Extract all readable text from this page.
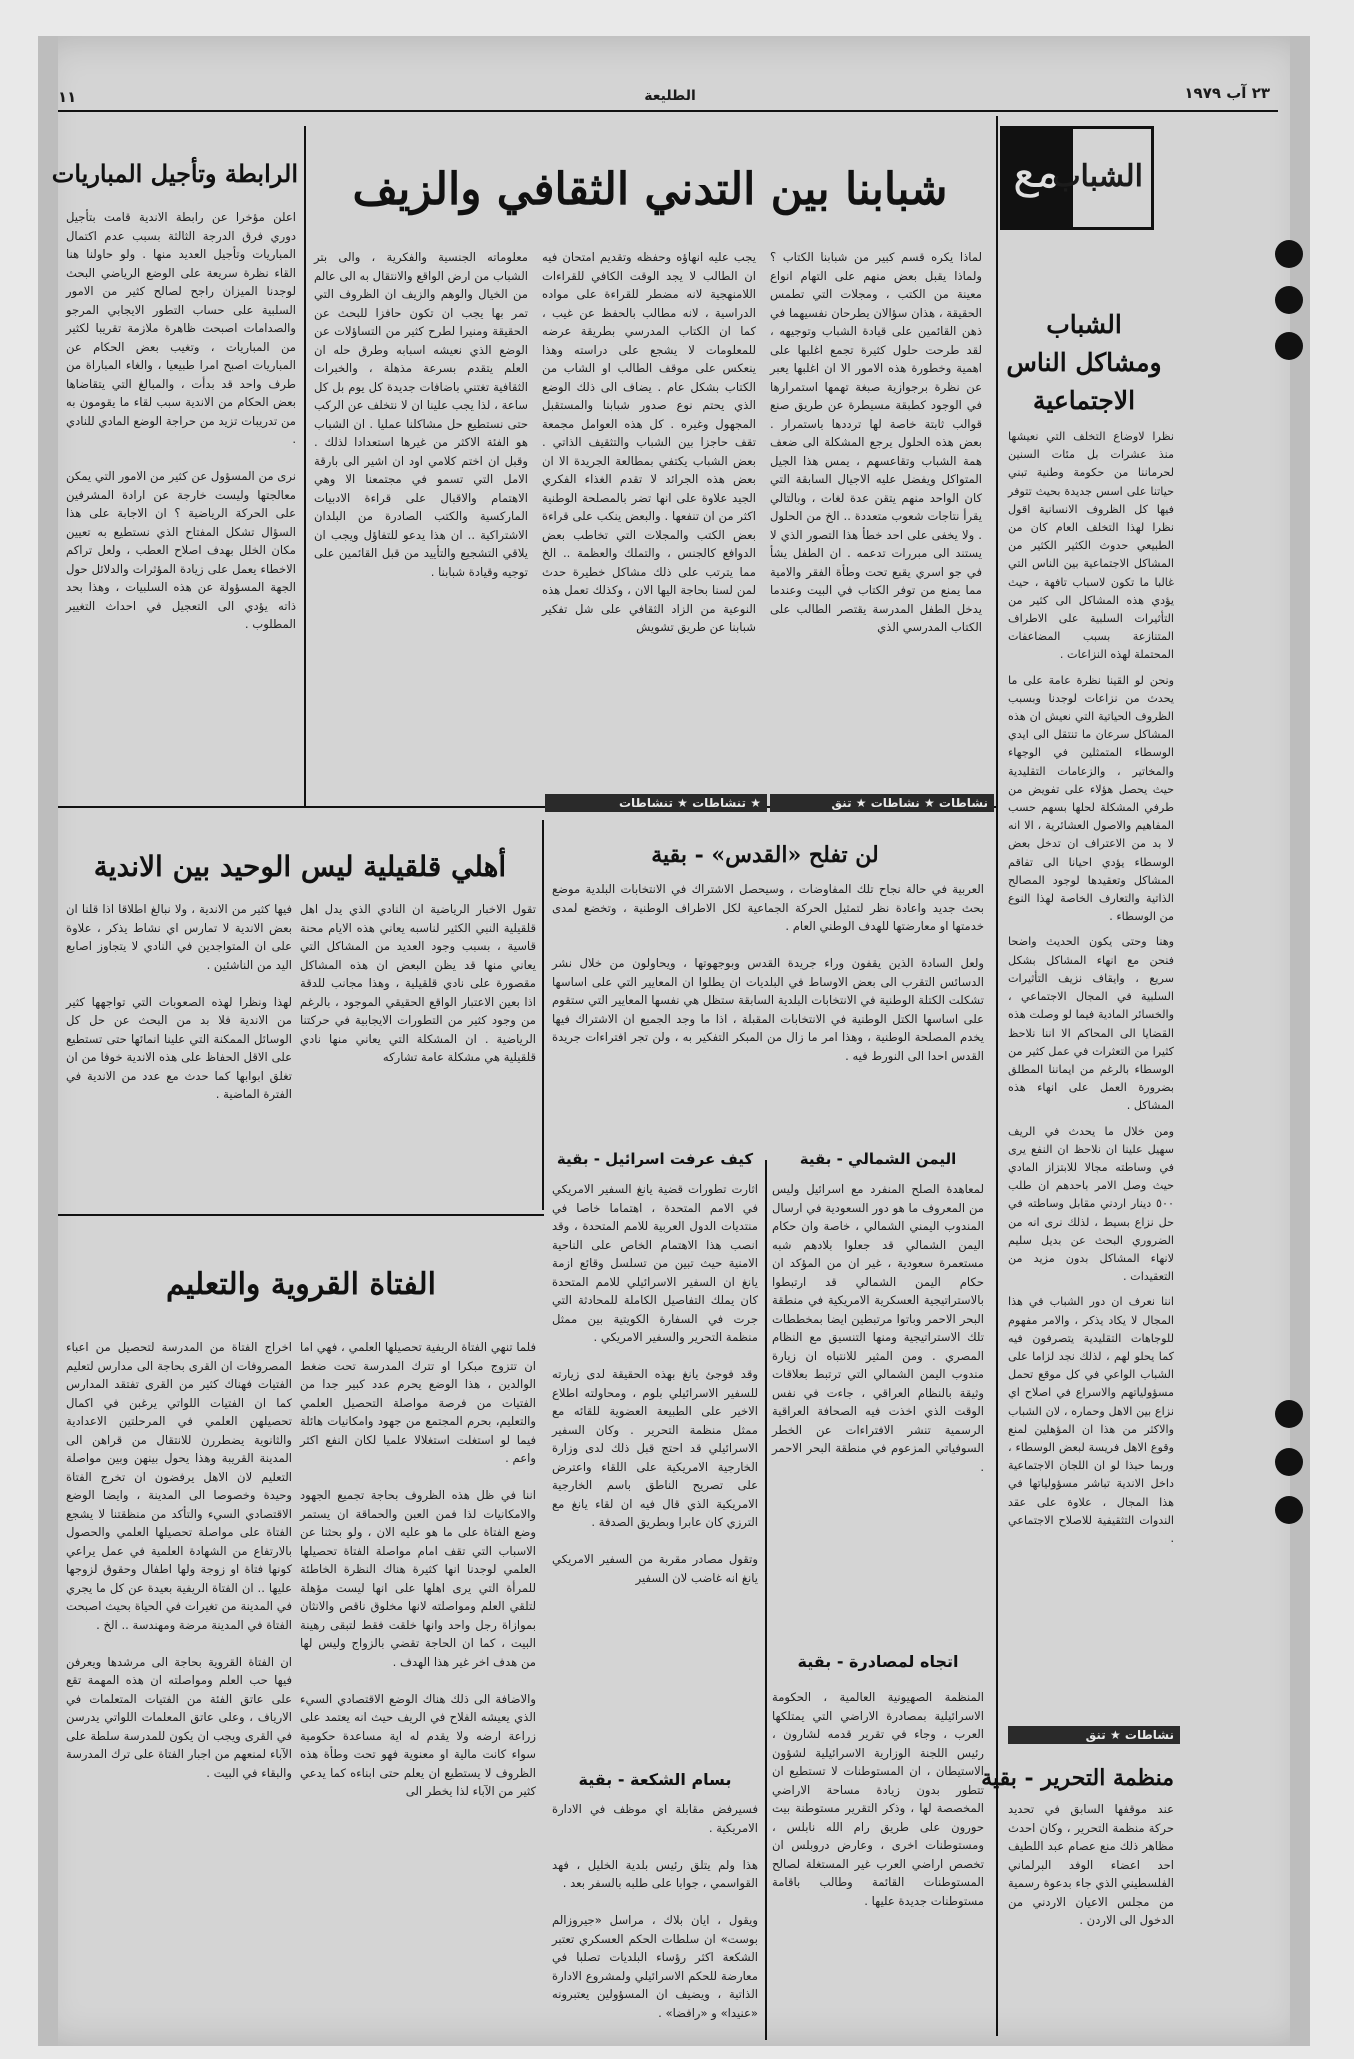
٢٣ آب ١٩٧٩
الطليعة
١١
مع
الشباب
الشباب ومشاكل الناس الاجتماعية

نظرا لاوضاع التخلف التي نعيشها منذ عشرات بل مئات السنين لحرماننا من حكومة وطنية تبني حياتنا على اسس جديدة بحيث تتوفر فيها كل الظروف الانسانية اقول نظرا لهذا التخلف العام كان من الطبيعي حدوث الكثير الكثير من المشاكل الاجتماعية بين الناس التي غالبا ما تكون لاسباب تافهة ، حيث يؤدي هذه المشاكل الى كثير من التأثيرات السلبية على الاطراف المتنازعة بسبب المضاعفات المحتملة لهذه النزاعات .

ونحن لو القينا نظرة عامة على ما يحدث من نزاعات لوجدنا وبسبب الظروف الحياتية التي نعيش ان هذه المشاكل سرعان ما تنتقل الى ايدي الوسطاء المتمثلين في الوجهاء والمخاتير ، والزعامات التقليدية حيث يحصل هؤلاء على تفويض من طرفي المشكلة لحلها بسهم حسب المفاهيم والاصول العشائرية ، الا انه لا بد من الاعتراف ان تدخل بعض الوسطاء يؤدي احيانا الى تفاقم المشاكل وتعقيدها لوجود المصالح الذاتية والتعارف الخاصة لهذا النوع من الوسطاء .

وهنا وحتى يكون الحديث واضحا فنحن مع انهاء المشاكل بشكل سريع ، وايقاف نزيف التأثيرات السلبية في المجال الاجتماعي ، والخسائر المادية فيما لو وصلت هذه القضايا الى المحاكم الا اننا نلاحظ كثيرا من التعثرات في عمل كثير من الوسطاء بالرغم من ايماننا المطلق بضرورة العمل على انهاء هذه المشاكل .

ومن خلال ما يحدث في الريف سهيل علينا ان نلاحظ ان النفع يرى في وساطته مجالا للابتزاز المادي حيث وصل الامر باحدهم ان طلب ٥٠٠ دينار اردني مقابل وساطته في حل نزاع بسيط ، لذلك نرى انه من الضروري البحث عن بديل سليم لانهاء المشاكل بدون مزيد من التعقيدات .

اننا نعرف ان دور الشباب في هذا المجال لا يكاد يذكر ، والامر مفهوم للوجاهات التقليدية يتصرفون فيه كما يحلو لهم ، لذلك نجد لزاما على الشباب الواعي في كل موقع تحمل مسؤولياتهم والاسراع في اصلاح اي نزاع بين الاهل وحماره ، لان الشباب والاكثر من هذا ان المؤهلين لمنع وقوع الاهل فريسة لبعض الوسطاء ، وربما حبذا لو ان اللجان الاجتماعية داخل الاندية تباشر مسؤولياتها في هذا المجال ، علاوة على عقد الندوات التثقيفية للاصلاح الاجتماعي .

نشاطات ★ تنق
منظمة التحرير - بقية
عند موقفها السابق في تحديد حركة منظمة التحرير ، وكان احدث مظاهر ذلك منع عصام عبد اللطيف احد اعضاء الوفد البرلماني الفلسطيني الذي جاء بدعوة رسمية من مجلس الاعيان الاردني من الدخول الى الاردن .
شبابنا بين التدني الثقافي والزيف
لماذا يكره قسم كبير من شبابنا الكتاب ؟ ولماذا يقبل بعض منهم على التهام انواع معينة من الكتب ، ومجلات التي تطمس الحقيقة ، هذان سؤالان يطرحان نفسيهما في ذهن القائمين على قيادة الشباب وتوجيهه ، لقد طرحت حلول كثيرة تجمع اغلبها على اهمية وخطورة هذه الامور الا ان اغلبها يعبر عن نظرة برجوازية صبغة تهمها استمرارها في الوجود كطبقة مسيطرة عن طريق صنع قوالب ثابتة خاصة لها ترددها باستمرار . بعض هذه الحلول يرجع المشكلة الى ضعف همة الشباب وتقاعسهم ، يمس هذا الجيل المتواكل ويفضل عليه الاجيال السابقة التي كان الواحد منهم يتقن عدة لغات ، وبالتالي يقرأ نتاجات شعوب متعددة .. الخ من الحلول . ولا يخفى على احد خطأ هذا التصور الذي لا يستند الى مبررات تدعمه . ان الطفل يشأ في جو اسري يقبع تحت وطأة الفقر والامية مما يمنع من توفر الكتاب في البيت وعندما يدخل الطفل المدرسة يقتصر الطالب على الكتاب المدرسي الذي
يجب عليه انهاؤه وحفظه وتقديم امتحان فيه ان الطالب لا يجد الوقت الكافي للقراءات اللامنهجية لانه مضطر للقراءة على مواده الدراسية ، لانه مطالب بالحفظ عن غيب ، كما ان الكتاب المدرسي بطريقة عرضه للمعلومات لا يشجع على دراسته وهذا ينعكس على موقف الطالب او الشاب من الكتاب بشكل عام . يضاف الى ذلك الوضع الذي يحتم نوع صدور شبابنا والمستقبل المجهول وغيره . كل هذه العوامل مجمعة تقف حاجزا بين الشباب والتثقيف الذاتي . بعض الشباب يكتفي بمطالعة الجريدة الا ان بعض هذه الجرائد لا تقدم الغذاء الفكري الجيد علاوة على انها تضر بالمصلحة الوطنية اكثر من ان تنفعها . والبعض ينكب على قراءة بعض الكتب والمجلات التي تخاطب بعض الدوافع كالجنس ، والتملك والعظمة .. الخ مما يترتب على ذلك مشاكل خطيرة حدث لمن لسنا بحاجة اليها الان ، وكذلك تعمل هذه النوعية من الزاد الثقافي على شل تفكير شبابنا عن طريق تشويش
معلوماته الجنسية والفكرية ، والى بتر الشباب من ارض الواقع والانتقال به الى عالم من الخيال والوهم والزيف ان الظروف التي تمر بها يجب ان تكون حافزا للبحث عن الحقيقة ومنيرا لطرح كثير من التساؤلات عن الوضع الذي نعيشه اسبابه وطرق حله ان العلم يتقدم بسرعة مذهلة ، والخبرات الثقافية تغتني باضافات جديدة كل يوم بل كل ساعة ، لذا يجب علينا ان لا نتخلف عن الركب حتى نستطيع حل مشاكلنا عمليا . ان الشباب هو الفئة الاكثر من غيرها استعدادا لذلك . وقبل ان اختم كلامي اود ان اشير الى بارقة الامل التي تسمو في مجتمعنا الا وهي الاهتمام والاقبال على قراءة الادبيات الماركسية والكتب الصادرة من البلدان الاشتراكية .. ان هذا يدعو للتفاؤل ويجب ان يلاقي التشجيع والتأييد من قبل القائمين على توجيه وقيادة شبابنا .
الرابطة وتأجيل المباريات
اعلن مؤخرا عن رابطة الاندية قامت بتأجيل دوري فرق الدرجة الثالثة بسبب عدم اكتمال المباريات وتأجيل العديد منها . ولو حاولنا هنا القاء نظرة سريعة على الوضع الرياضي البحث لوجدنا الميزان راجح لصالح كثير من الامور السلبية على حساب التطور الايجابي المرجو والصدامات اصبحت ظاهرة ملازمة تقريبا لكثير من المباريات ، وتغيب بعض الحكام عن المباريات اصبح امرا طبيعيا ، والغاء المباراة من طرف واحد قد بدأت ، والمبالغ التي يتقاضاها بعض الحكام من الاندية سبب لقاء ما يقومون به من تدريبات تزيد من حراجة الوضع المادي للنادي .

نرى من المسؤول عن كثير من الامور التي يمكن معالجتها وليست خارجة عن ارادة المشرفين على الحركة الرياضية ؟ ان الاجابة على هذا السؤال تشكل المفتاح الذي نستطيع به تعيين مكان الخلل بهدف اصلاح العطب ، ولعل تراكم الاخطاء يعمل على زيادة المؤثرات والدلائل حول الجهة المسؤولة عن هذه السلبيات ، وهذا بحد ذاته يؤدي الى التعجيل في احداث التغيير المطلوب .
نشاطات ★ نشاطات ★ تنق
★ تنشاطات ★ تنشاطات
لن تفلح «القدس» - بقية
العربية في حالة نجاح تلك المفاوضات ، وسيحصل الاشتراك في الانتخابات البلدية موضع بحث جديد واعادة نظر لتمثيل الحركة الجماعية لكل الاطراف الوطنية ، وتخضع لمدى خدمتها او معارضتها للهدف الوطني العام .

ولعل السادة الذين يقفون وراء جريدة القدس وبوجهوتها ، ويحاولون من خلال نشر الدسائس التقرب الى بعض الاوساط في البلديات ان يطلوا ان المعايير التي على اساسها تشكلت الكتلة الوطنية في الانتخابات البلدية السابقة ستظل هي نفسها المعايير التي ستقوم على اساسها الكتل الوطنية في الانتخابات المقبلة ، اذا ما وجد الجميع ان الاشتراك فيها يخدم المصلحة الوطنية ، وهذا امر ما زال من المبكر التفكير به ، ولن تجر افتراءات جريدة القدس احدا الى النورط فيه .
أهلي قلقيلية ليس الوحيد بين الاندية
تقول الاخبار الرياضية ان النادي الذي يدل اهل قلقيلية النبي الكثير لناسبه يعاني هذه الايام محنة قاسية ، بسبب وجود العديد من المشاكل التي يعاني منها قد يظن البعض ان هذه المشاكل مقصورة على نادي قلقيلية ، وهذا مجانب للدقة اذا بعين الاعتبار الواقع الحقيقي الموجود ، بالرغم من وجود كثير من التطورات الايجابية في حركتنا الرياضية . ان المشكلة التي يعاني منها نادي قلقيلية هي مشكلة عامة تشاركه
فيها كثير من الاندية ، ولا نبالغ اطلاقا اذا قلنا ان بعض الاندية لا تمارس اي نشاط يذكر ، علاوة على ان المتواجدين في النادي لا يتجاوز اصابع اليد من الناشئين .

لهذا ونظرا لهذه الصعوبات التي تواجهها كثير من الاندية فلا بد من البحث عن حل كل الوسائل الممكنة التي علينا انمائها حتى تستطيع على الاقل الحفاظ على هذه الاندية خوفا من ان تغلق ابوابها كما حدث مع عدد من الاندية في الفترة الماضية .
اليمن الشمالي - بقية
لمعاهدة الصلح المنفرد مع اسرائيل وليس من المعروف ما هو دور السعودية في ارسال المندوب اليمني الشمالي ، خاصة وان حكام اليمن الشمالي قد جعلوا بلادهم شبه مستعمرة سعودية ، غير ان من المؤكد ان حكام اليمن الشمالي قد ارتبطوا بالاستراتيجية العسكرية الامريكية في منطقة البحر الاحمر وباتوا مرتبطين ايضا بمخططات تلك الاستراتيجية ومنها التنسيق مع النظام المصري . ومن المثير للانتباه ان زيارة مندوب اليمن الشمالي التي ترتبط بعلاقات وثيقة بالنظام العراقي ، جاءت في نفس الوقت الذي اخذت فيه الصحافة العراقية الرسمية تنشر الافتراءات عن الخطر السوفياتي المزعوم في منطقة البحر الاحمر .
كيف عرفت اسرائيل - بقية
اثارت تطورات قضية يانغ السفير الامريكي في الامم المتحدة ، اهتماما خاصا في منتديات الدول العربية للامم المتحدة ، وقد انصب هذا الاهتمام الخاص على الناحية الامنية حيث تبين من تسلسل وقائع ازمة يانغ ان السفير الاسرائيلي للامم المتحدة كان يملك التفاصيل الكاملة للمحادثة التي جرت في السفارة الكويتية بين ممثل منظمة التحرير والسفير الامريكي .

وقد فوجئ يانغ بهذه الحقيقة لدى زيارته للسفير الاسرائيلي بلوم ، ومحاولته اطلاع الاخير على الطبيعة العضوية للقائه مع ممثل منظمة التحرير . وكان السفير الاسرائيلي قد احتج قبل ذلك لدى وزارة الخارجية الامريكية على اللقاء واعترض على تصريح الناطق باسم الخارجية الامريكية الذي قال فيه ان لقاء يانغ مع الترزي كان عابرا وبطريق الصدفة .

وتقول مصادر مقربة من السفير الامريكي يانغ انه غاضب لان السفير
اتجاه لمصادرة - بقية
المنظمة الصهيونية العالمية ، الحكومة الاسرائيلية بمصادرة الاراضي التي يمتلكها العرب ، وجاء في تقرير قدمه لشارون ، رئيس اللجنة الوزارية الاسرائيلية لشؤون الاستيطان ، ان المستوطنات لا تستطيع ان تتطور بدون زيادة مساحة الاراضي المخصصة لها ، وذكر التقرير مستوطنة بيت حورون على طريق رام الله نابلس ، ومستوطنات اخرى ، وعارض دروبلس ان تخصص اراضي العرب غير المستغلة لصالح المستوطنات القائمة وطالب باقامة مستوطنات جديدة عليها .
بسام الشكعة - بقية
فسيرفض مقابلة اي موظف في الادارة الامريكية .

هذا ولم يتلق رئيس بلدية الخليل ، فهد القواسمي ، جوابا على طلبه بالسفر بعد .

ويقول ، ايان بلاك ، مراسل «جيروزالم بوست» ان سلطات الحكم العسكري تعتبر الشكعة اكثر رؤساء البلديات تصلبا في معارضة للحكم الاسرائيلي ولمشروع الادارة الذاتية ، ويضيف ان المسؤولين يعتبرونه «عنيدا» و «رافضا» .
الفتاة القروية والتعليم
فلما تنهي الفتاة الريفية تحصيلها العلمي ، فهي اما ان تتزوج مبكرا او تترك المدرسة تحت ضغط الوالدين ، هذا الوضع يحرم عدد كبير جدا من الفتيات من فرصة مواصلة التحصيل العلمي والتعليم، بحرم المجتمع من جهود وامكانيات هائلة فيما لو استغلت استغلالا علميا لكان النفع اكثر واعم .

اننا في ظل هذه الظروف بحاجة تجميع الجهود والامكانيات لذا فمن العبن والحماقة ان يستمر وضع الفتاة على ما هو عليه الان ، ولو بحثنا عن الاسباب التي تقف امام مواصلة الفتاة تحصيلها العلمي لوجدنا انها كثيرة هناك النظرة الخاطئة للمرأة التي يرى اهلها على انها ليست مؤهلة لتلقي العلم ومواصلته لانها مخلوق ناقص والانثان بموازاة رجل واحد وانها خلقت فقط لتبقى رهينة البيت ، كما ان الحاجة تقضي بالزواج وليس لها من هدف اخر غير هذا الهدف .

والاضافة الى ذلك هناك الوضع الاقتصادي السيء الذي يعيشه الفلاح في الريف حيث انه يعتمد على زراعة ارضه ولا يقدم له اية مساعدة حكومية سواء كانت مالية او معنوية فهو تحت وطأة هذه الظروف لا يستطيع ان يعلم حتى ابناءه كما يدعي كثير من الآباء لذا يخطر الى
اخراج الفتاة من المدرسة لتحصيل من اعباء المصروفات ان القرى بحاجة الى مدارس لتعليم الفتيات فهناك كثير من القرى تفتقد المدارس كما ان الفتيات اللواتي يرغبن في اكمال تحصيلهن العلمي في المرحلتين الاعدادية والثانوية يضطررن للانتقال من قراهن الى المدينة القريبة وهذا يحول بينهن وبين مواصلة التعليم لان الاهل يرفضون ان تخرج الفتاة وحيدة وخصوصا الى المدينة ، وايضا الوضع الاقتصادي السيء والتأكد من منظقتنا لا يشجع الفتاة على مواصلة تحصيلها العلمي والحصول بالارتفاع من الشهادة العلمية في عمل يراعي كونها فتاة او زوجة ولها اطفال وحقوق لزوجها عليها .. ان الفتاة الريفية بعيدة عن كل ما يجري في المدينة من تغيرات في الحياة بحيث اصبحت الفتاة في المدينة مرضة ومهندسة .. الخ .

ان الفتاة القروية بحاجة الى مرشدها ويعرفن فيها حب العلم ومواصلته ان هذه المهمة تقع على عاتق الفئة من الفتيات المتعلمات في الارياف ، وعلى عاتق المعلمات اللواتي يدرسن في القرى ويجب ان يكون للمدرسة سلطة على الآباء لمنعهم من اجبار الفتاة على ترك المدرسة والبقاء في البيت .
